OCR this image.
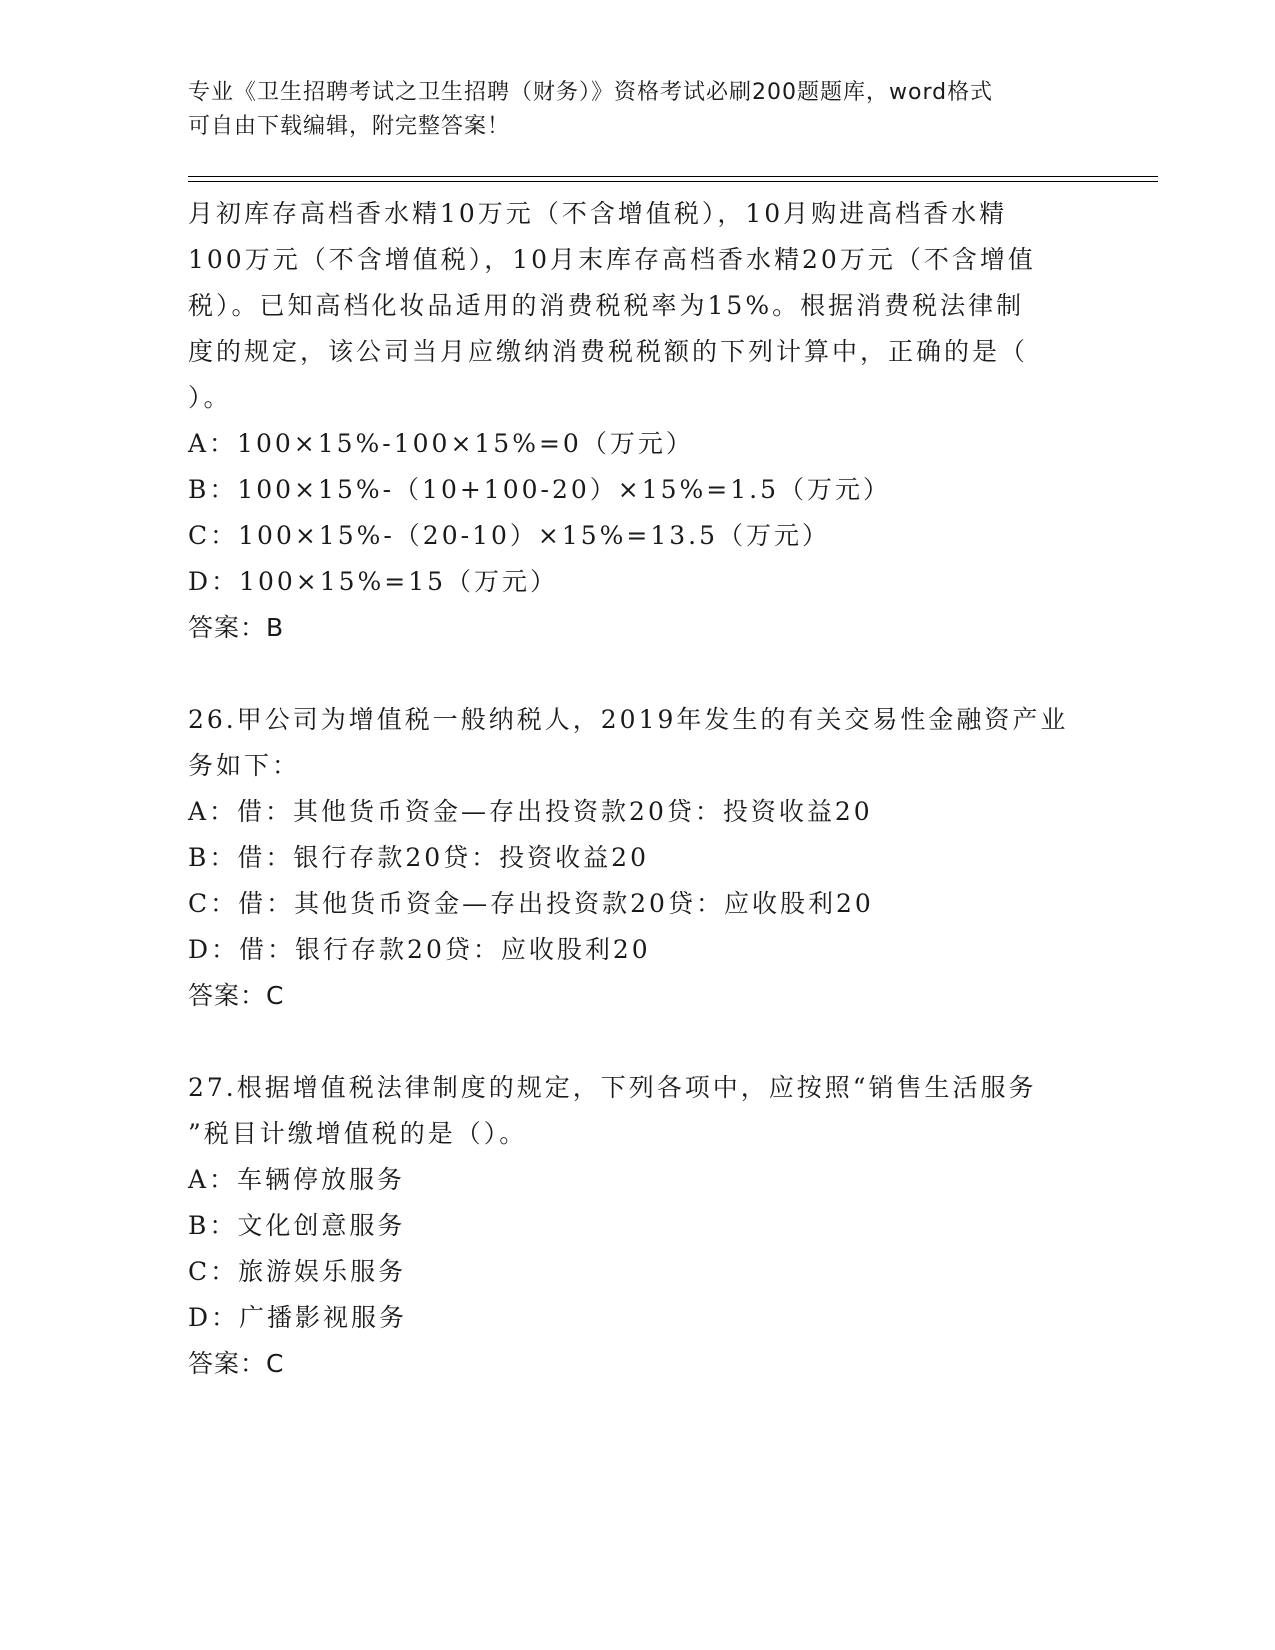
专业《卫生招聘考试之卫生招聘（财务）》资格考试必刷200题题库，word格式
可自由下载编辑，附完整答案！

月初库存高档香水精10万元（不含增值税），10月购进高档香水精

100万元（不含增值税），10月末库存高档香水精20万元（不含增值

税）。已知高档化妆品适用的消费税税率为15%。根据消费税法律制

度的规定，该公司当月应缴纳消费税税额的下列计算中，正确的是（

）。

A：100×15%-100×15%=0（万元）

B：100×15%-（10+100-20）×15%=1.5（万元）

C：100×15%-（20-10）×15%=13.5（万元）

D：100×15%=15（万元）

答案：B

26.甲公司为增值税一般纳税人，2019年发生的有关交易性金融资产业

务如下：

A：借：其他货币资金—存出投资款20贷：投资收益20

B：借：银行存款20贷：投资收益20

C：借：其他货币资金—存出投资款20贷：应收股利20

D：借：银行存款20贷：应收股利20

答案：C

27.根据增值税法律制度的规定，下列各项中，应按照“销售生活服务

”税目计缴增值税的是（）。

A：车辆停放服务

B：文化创意服务

C：旅游娱乐服务

D：广播影视服务

答案：C
